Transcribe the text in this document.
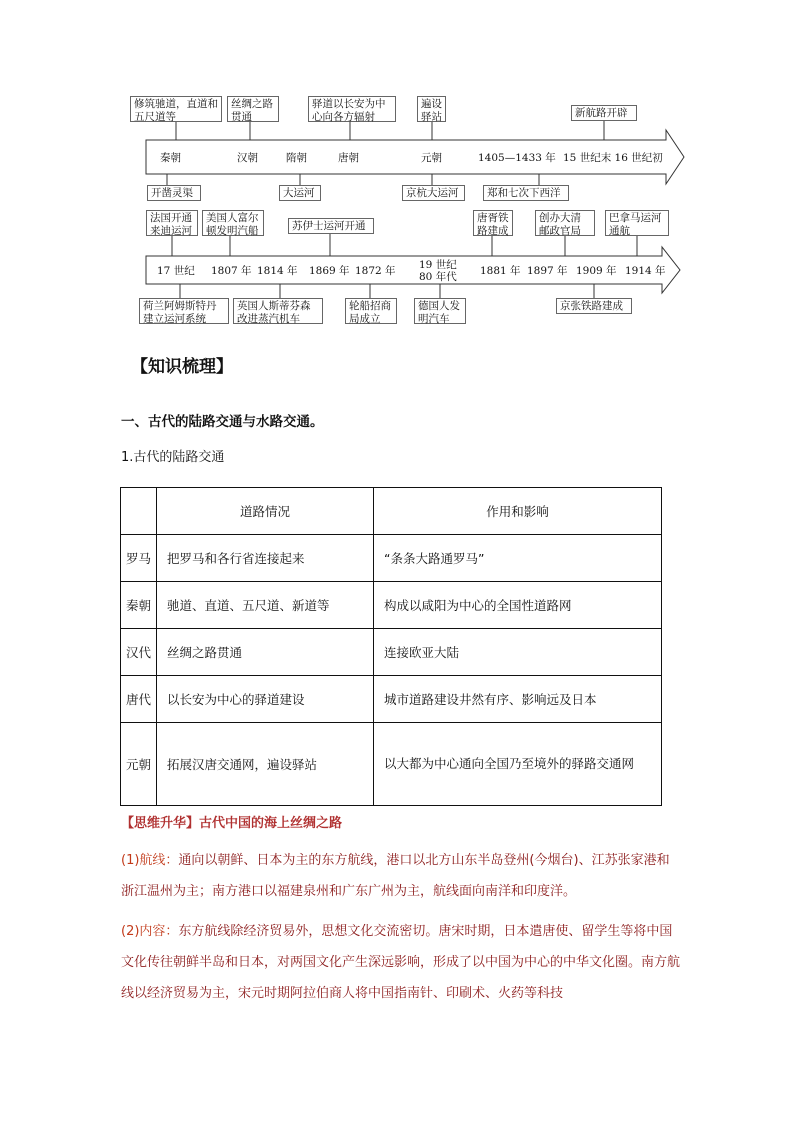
修筑驰道，直道和
五尺道等
丝绸之路
贯通
驿道以长安为中
心向各方辐射
遍设
驿站	新航路开辟
秦朝	汉朝	隋朝	唐朝	元朝	1405—1433 年 15 世纪末 16 世纪初
开凿灵渠	大运河	京杭大运河	郑和七次下西洋
法国开通
来迪运河
美国人富尔
顿发明汽船	苏伊士运河开通
唐胥铁
路建成
创办大清
邮政官局
巴拿马运河
通航
17 世纪 1807 年 1814 年 1869 年 1872 年 19 世纪
80 年代 1881 年 1897 年 1909 年 1914 年
荷兰阿姆斯特丹
建立运河系统
英国人斯蒂芬森
改进蒸汽机车
轮船招商
局成立
德国人发
明汽车
京张铁路建成
【知识梳理】
一、古代的陆路交通与水路交通。
1.古代的陆路交通
	道路情况	作用和影响
罗马	把罗马和各行省连接起来	“条条大路通罗马”
秦朝	驰道、直道、五尺道、新道等	构成以咸阳为中心的全国性道路网
汉代	丝绸之路贯通	连接欧亚大陆
唐代	以长安为中心的驿道建设	城市道路建设井然有序、影响远及日本
元朝	拓展汉唐交通网，遍设驿站	以大都为中心通向全国乃至境外的驿路交通网
【思维升华】古代中国的海上丝绸之路
(1)航线：通向以朝鲜、日本为主的东方航线，港口以北方山东半岛登州(今烟台)、江苏张家港和浙江温州为主；南方港口以福建泉州和广东广州为主，航线面向南洋和印度洋。
(2)内容：东方航线除经济贸易外，思想文化交流密切。唐宋时期，日本遣唐使、留学生等将中国文化传往朝鲜半岛和日本，对两国文化产生深远影响，形成了以中国为中心的中华文化圈。南方航线以经济贸易为主，宋元时期阿拉伯商人将中国指南针、印刷术、火药等科技
